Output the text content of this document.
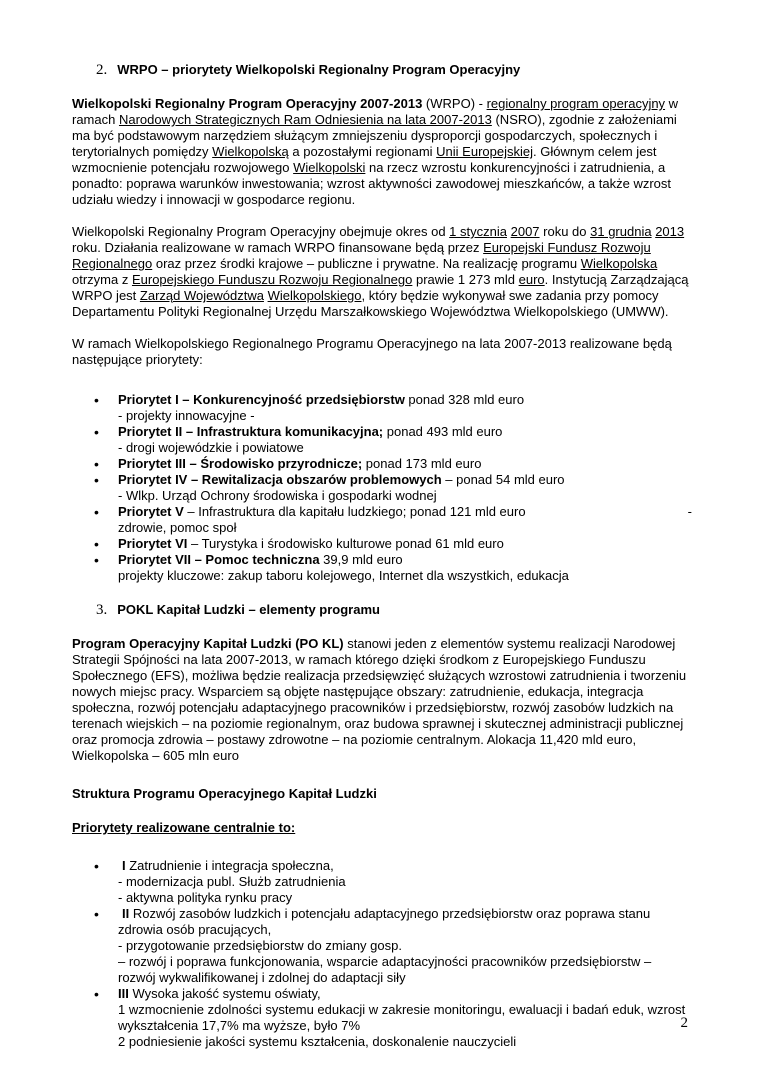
2. WRPO – priorytety Wielkopolski Regionalny Program Operacyjny

Wielkopolski Regionalny Program Operacyjny 2007-2013 (WRPO) - regionalny program operacyjny w ramach Narodowych Strategicznych Ram Odniesienia na lata 2007-2013 (NSRO), zgodnie z założeniami ma być podstawowym narzędziem służącym zmniejszeniu dysproporcji gospodarczych, społecznych i terytorialnych pomiędzy Wielkopolską a pozostałymi regionami Unii Europejskiej. Głównym celem jest wzmocnienie potencjału rozwojowego Wielkopolski na rzecz wzrostu konkurencyjności i zatrudnienia, a ponadto: poprawa warunków inwestowania; wzrost aktywności zawodowej mieszkańców, a także wzrost udziału wiedzy i innowacji w gospodarce regionu.

Wielkopolski Regionalny Program Operacyjny obejmuje okres od 1 stycznia 2007 roku do 31 grudnia 2013 roku. Działania realizowane w ramach WRPO finansowane będą przez Europejski Fundusz Rozwoju Regionalnego oraz przez środki krajowe – publiczne i prywatne. Na realizację programu Wielkopolska otrzyma z Europejskiego Funduszu Rozwoju Regionalnego prawie 1 273 mld euro. Instytucją Zarządzającą WRPO jest Zarząd Województwa Wielkopolskiego, który będzie wykonywał swe zadania przy pomocy Departamentu Polityki Regionalnej Urzędu Marszałkowskiego Województwa Wielkopolskiego (UMWW).

W ramach Wielkopolskiego Regionalnego Programu Operacyjnego na lata 2007-2013 realizowane będą następujące priorytety:

• Priorytet I – Konkurencyjność przedsiębiorstw ponad 328 mld euro
- projekty innowacyjne -
• Priorytet II – Infrastruktura komunikacyjna; ponad 493 mld euro
- drogi wojewódzkie i powiatowe
• Priorytet III – Środowisko przyrodnicze; ponad 173 mld euro
• Priorytet IV – Rewitalizacja obszarów problemowych – ponad 54 mld euro
- Wlkp. Urząd Ochrony środowiska i gospodarki wodnej
• Priorytet V – Infrastruktura dla kapitału ludzkiego; ponad 121 mld euro	-
zdrowie, pomoc społ
• Priorytet VI – Turystyka i środowisko kulturowe ponad 61 mld euro
• Priorytet VII – Pomoc techniczna 39,9 mld euro
projekty kluczowe: zakup taboru kolejowego, Internet dla wszystkich, edukacja
3. POKL Kapitał Ludzki – elementy programu

Program Operacyjny Kapitał Ludzki (PO KL) stanowi jeden z elementów systemu realizacji Narodowej Strategii Spójności na lata 2007-2013, w ramach którego dzięki środkom z Europejskiego Funduszu Społecznego (EFS), możliwa będzie realizacja przedsięwzięć służących wzrostowi zatrudnienia i tworzeniu nowych miejsc pracy. Wsparciem są objęte następujące obszary: zatrudnienie, edukacja, integracja społeczna, rozwój potencjału adaptacyjnego pracowników i przedsiębiorstw, rozwój zasobów ludzkich na terenach wiejskich – na poziomie regionalnym, oraz budowa sprawnej i skutecznej administracji publicznej oraz promocja zdrowia – postawy zdrowotne – na poziomie centralnym. Alokacja 11,420 mld euro, Wielkopolska – 605 mln euro

Struktura Programu Operacyjnego Kapitał Ludzki

Priorytety realizowane centralnie to:

• I Zatrudnienie i integracja społeczna,
- modernizacja publ. Służb zatrudnienia
- aktywna polityka rynku pracy
• II Rozwój zasobów ludzkich i potencjału adaptacyjnego przedsiębiorstw oraz poprawa stanu zdrowia osób pracujących,
- przygotowanie przedsiębiorstw do zmiany gosp.
– rozwój i poprawa funkcjonowania, wsparcie adaptacyjności pracowników przedsiębiorstw – rozwój wykwalifikowanej i zdolnej do adaptacji siły
• III Wysoka jakość systemu oświaty,
1 wzmocnienie zdolności systemu edukacji w zakresie monitoringu, ewaluacji i badań eduk, wzrost wykształcenia 17,7% ma wyższe, było 7%
2 podniesienie jakości systemu kształcenia, doskonalenie nauczycieli
2
